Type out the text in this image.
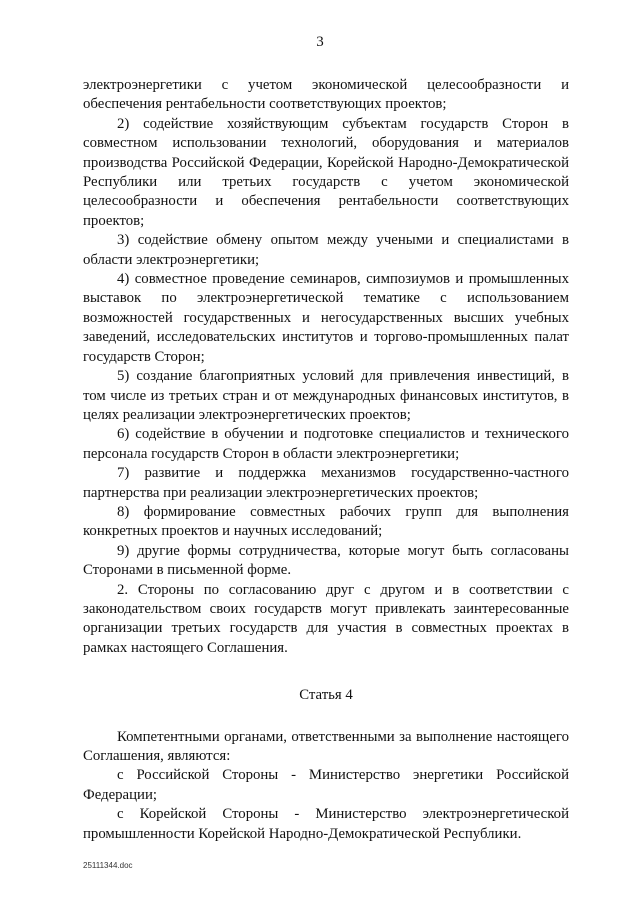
3

электроэнергетики с учетом экономической целесообразности и обеспечения рентабельности соответствующих проектов;

2) содействие хозяйствующим субъектам государств Сторон в совместном использовании технологий, оборудования и материалов производства Российской Федерации, Корейской Народно-Демократической Республики или третьих государств с учетом экономической целесообразности и обеспечения рентабельности соответствующих проектов;

3) содействие обмену опытом между учеными и специалистами в области электроэнергетики;

4) совместное проведение семинаров, симпозиумов и промышленных выставок по электроэнергетической тематике с использованием возможностей государственных и негосударственных высших учебных заведений, исследовательских институтов и торгово-промышленных палат государств Сторон;

5) создание благоприятных условий для привлечения инвестиций, в том числе из третьих стран и от международных финансовых институтов, в целях реализации электроэнергетических проектов;

6) содействие в обучении и подготовке специалистов и технического персонала государств Сторон в области электроэнергетики;

7) развитие и поддержка механизмов государственно-частного партнерства при реализации электроэнергетических проектов;

8) формирование совместных рабочих групп для выполнения конкретных проектов и научных исследований;

9) другие формы сотрудничества, которые могут быть согласованы Сторонами в письменной форме.

2. Стороны по согласованию друг с другом и в соответствии с законодательством своих государств могут привлекать заинтересованные организации третьих государств для участия в совместных проектах в рамках настоящего Соглашения.

Статья 4

Компетентными органами, ответственными за выполнение настоящего Соглашения, являются:

с Российской Стороны - Министерство энергетики Российской Федерации;

с Корейской Стороны - Министерство электроэнергетической промышленности Корейской Народно-Демократической Республики.

25111344.doc
